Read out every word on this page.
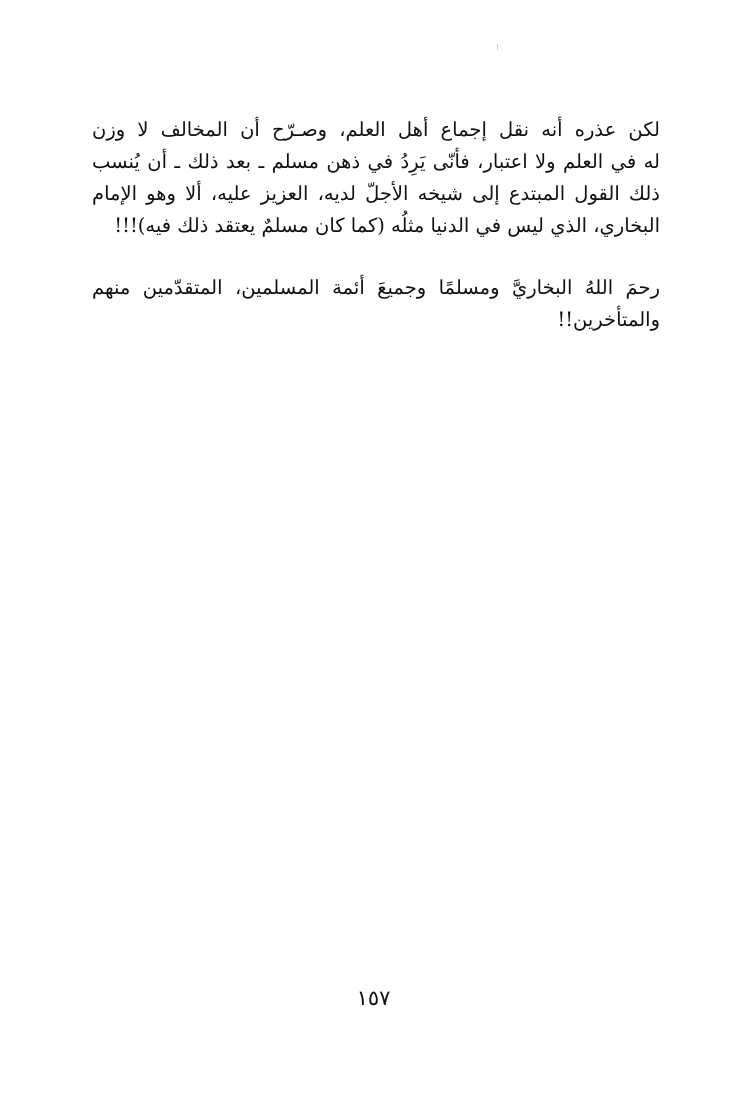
لكن عذره أنه نقل إجماع أهل العلم، وصـرّح أن المخالف لا وزن
له في العلم ولا اعتبار، فأنّى يَرِدُ في ذهن مسلم ـ بعد ذلك ـ أن يُنسب
ذلك القول المبتدع إلى شيخه الأجلّ لديه، العزيز عليه، ألا وهو الإمام
البخاري، الذي ليس في الدنيا مثلُه (كما كان مسلمٌ يعتقد ذلك فيه)!!!
رحمَ اللهُ البخاريَّ ومسلمًا وجميعَ أئمة المسلمين، المتقدّمين منهم
والمتأخرين!!
١٥٧
